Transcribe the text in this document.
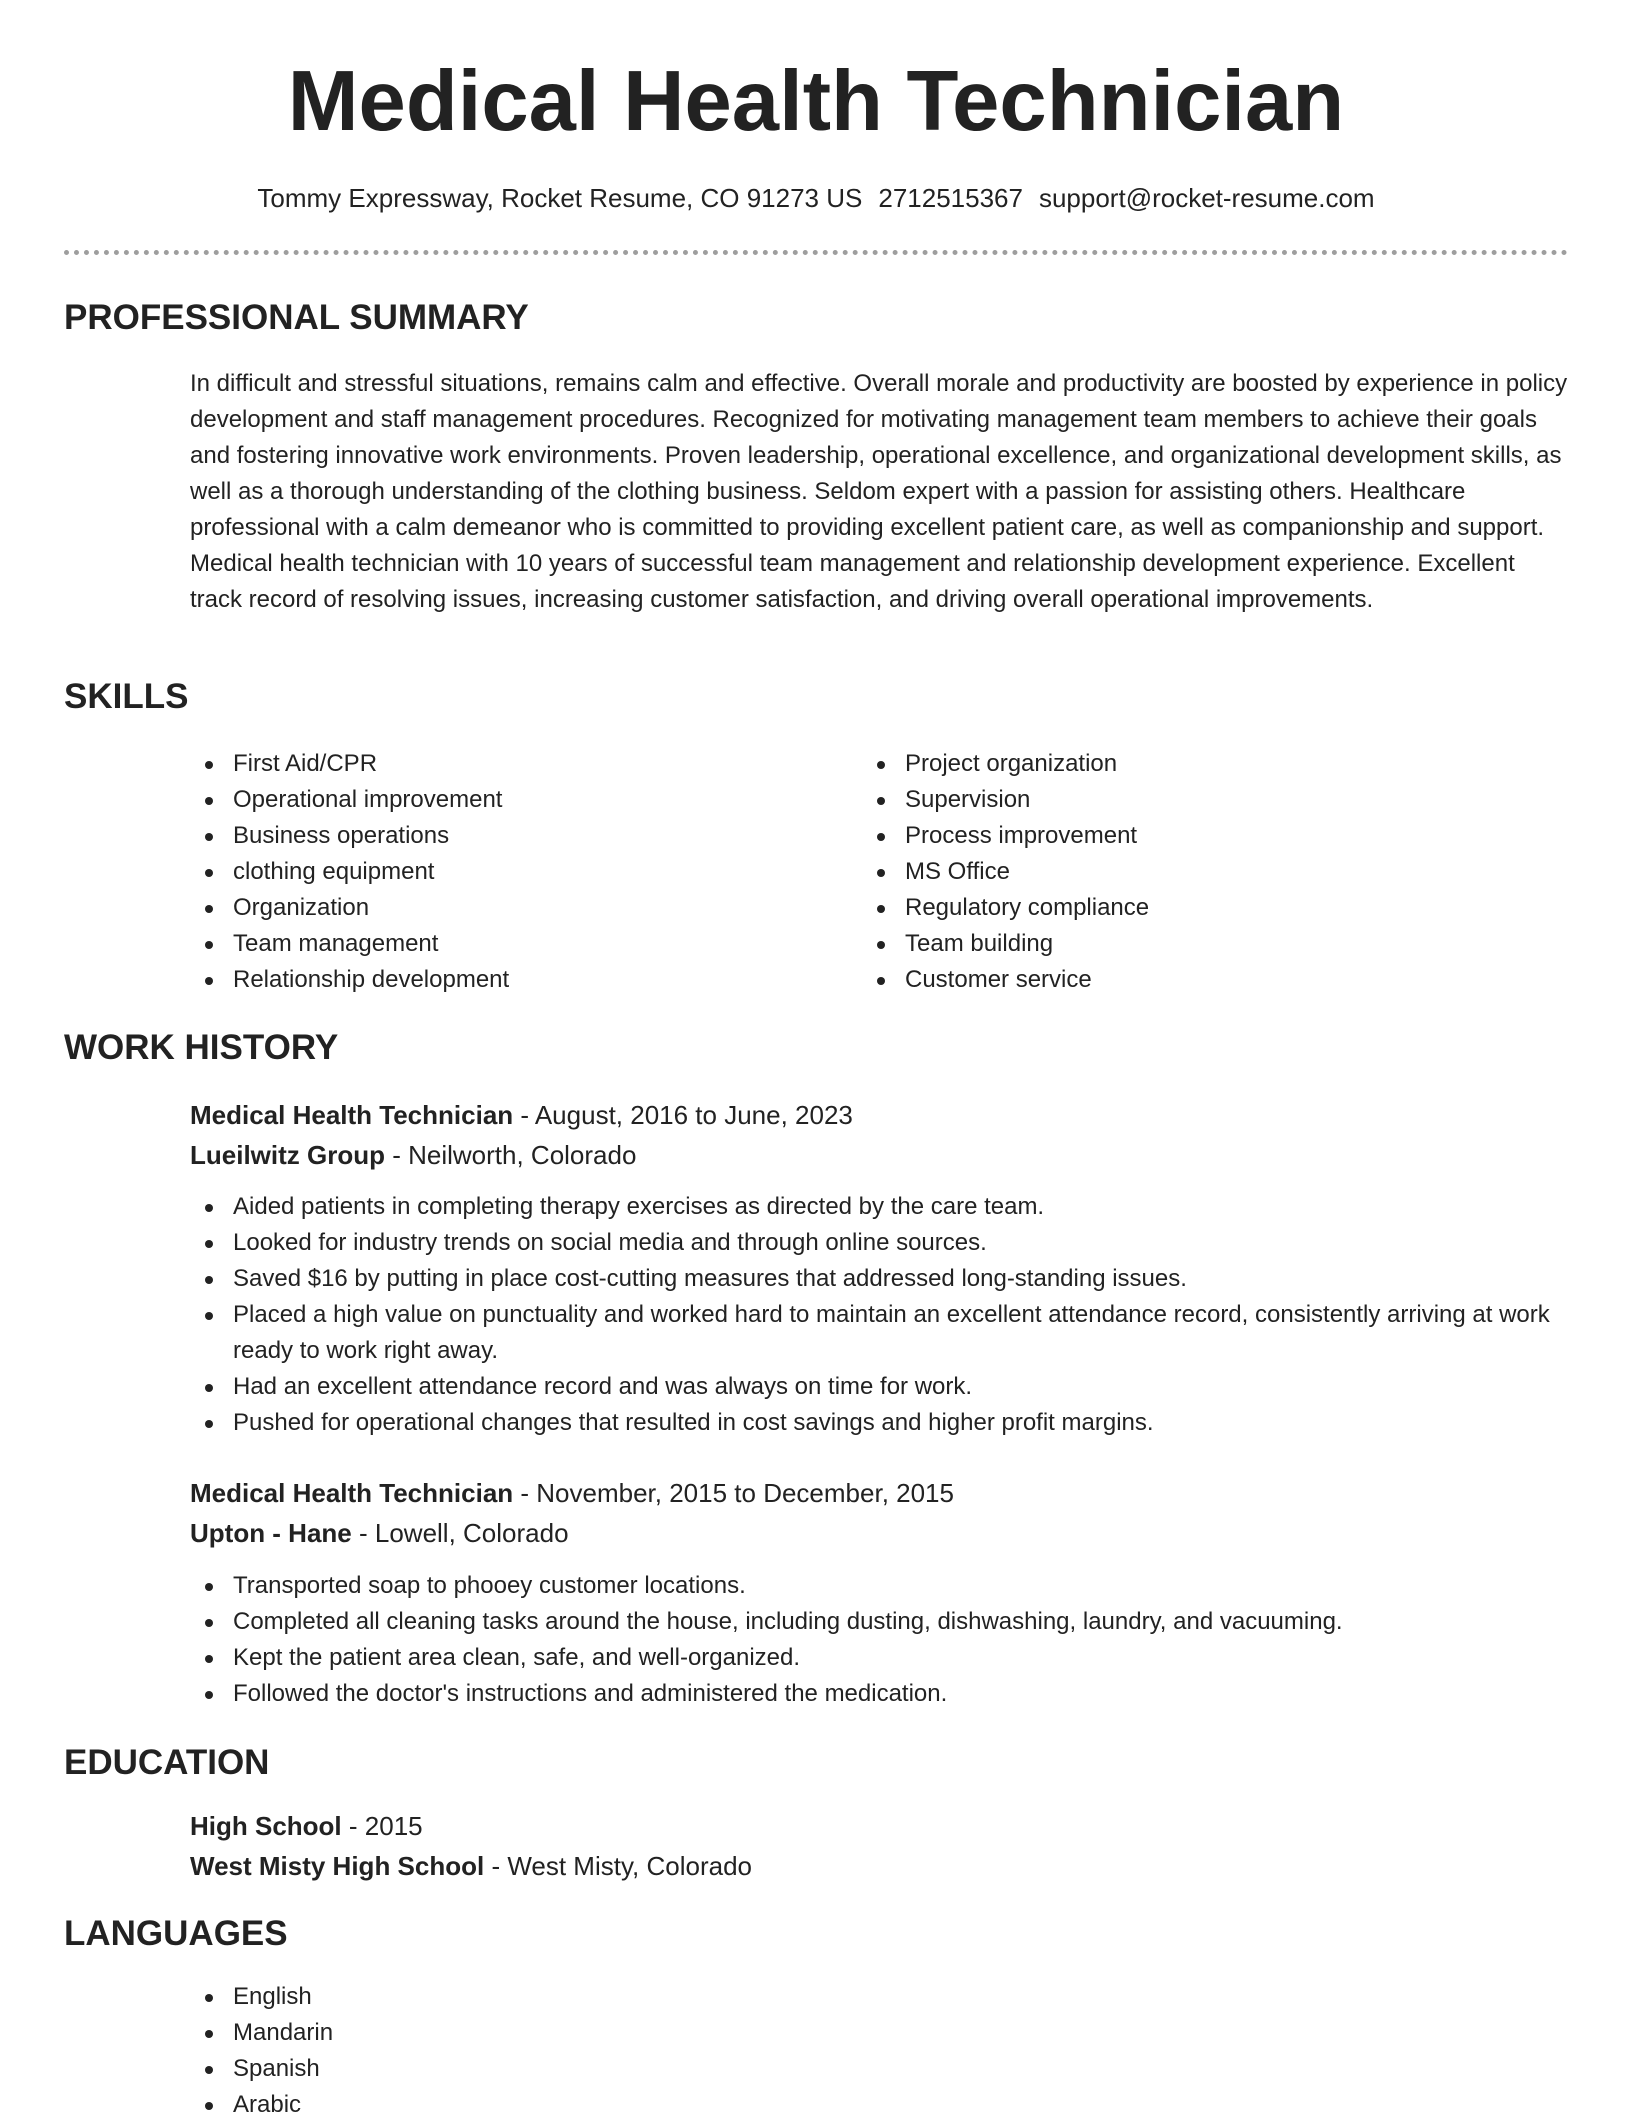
Medical Health Technician
Tommy Expressway, Rocket Resume, CO 91273 US 2712515367 support@rocket-resume.com
PROFESSIONAL SUMMARY

In difficult and stressful situations, remains calm and effective. Overall morale and productivity are boosted by experience in policy development and staff management procedures. Recognized for motivating management team members to achieve their goals and fostering innovative work environments. Proven leadership, operational excellence, and organizational development skills, as well as a thorough understanding of the clothing business. Seldom expert with a passion for assisting others. Healthcare professional with a calm demeanor who is committed to providing excellent patient care, as well as companionship and support. Medical health technician with 10 years of successful team management and relationship development experience. Excellent track record of resolving issues, increasing customer satisfaction, and driving overall operational improvements.

SKILLS
First Aid/CPR
Operational improvement
Business operations
clothing equipment
Organization
Team management
Relationship development
Project organization
Supervision
Process improvement
MS Office
Regulatory compliance
Team building
Customer service
WORK HISTORY
Medical Health Technician - August, 2016 to June, 2023
Lueilwitz Group - Neilworth, Colorado
Aided patients in completing therapy exercises as directed by the care team.
Looked for industry trends on social media and through online sources.
Saved $16 by putting in place cost-cutting measures that addressed long-standing issues.
Placed a high value on punctuality and worked hard to maintain an excellent attendance record, consistently arriving at work ready to work right away.
Had an excellent attendance record and was always on time for work.
Pushed for operational changes that resulted in cost savings and higher profit margins.
Medical Health Technician - November, 2015 to December, 2015
Upton - Hane - Lowell, Colorado
Transported soap to phooey customer locations.
Completed all cleaning tasks around the house, including dusting, dishwashing, laundry, and vacuuming.
Kept the patient area clean, safe, and well-organized.
Followed the doctor's instructions and administered the medication.
EDUCATION
High School - 2015
West Misty High School - West Misty, Colorado
LANGUAGES
English
Mandarin
Spanish
Arabic
